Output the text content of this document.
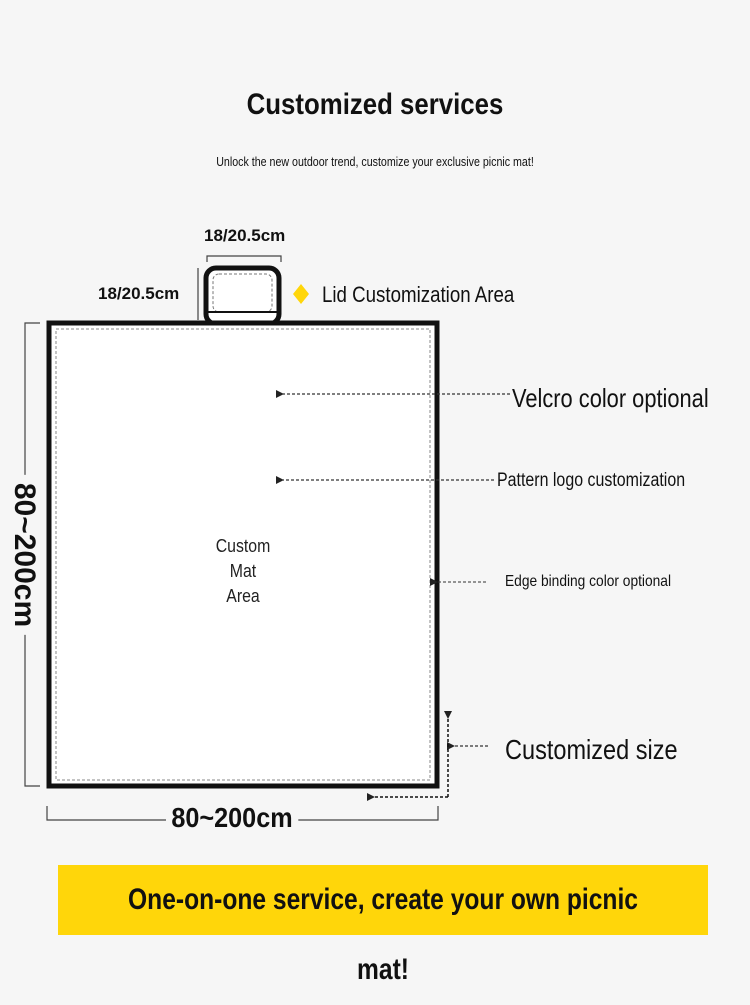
Customized services
Unlock the new outdoor trend, customize your exclusive picnic mat!
18/20.5cm
18/20.5cm	Lid Customization Area
Custom
Mat
Area
80~200cm
80~200cm
Velcro color optional
Pattern logo customization
Edge binding color optional
Customized size
One-on-one service, create your own picnic mat!
